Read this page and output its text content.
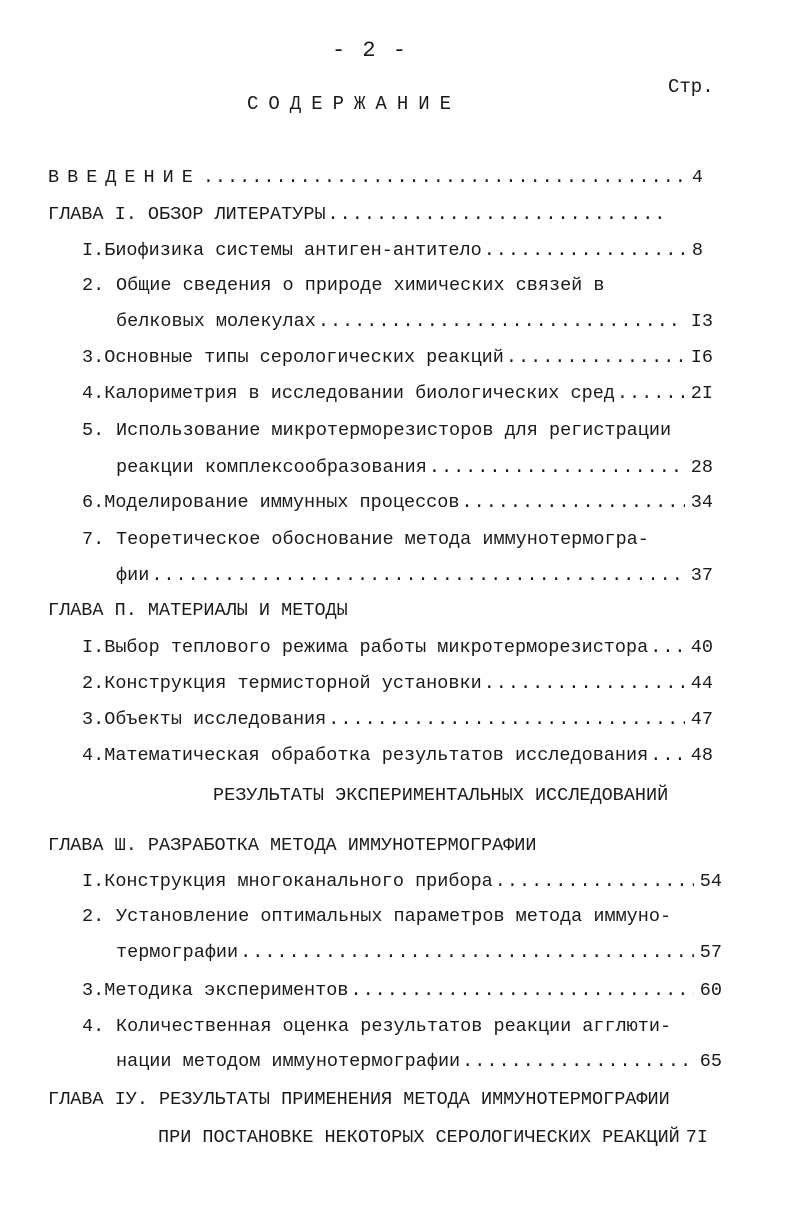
- 2 -
Стр.
СОДЕРЖАНИЕ
ВВЕДЕНИЕ .....	4
ГЛАВА I. ОБЗОР ЛИТЕРАТУРЫ
.....
I. Биофизика системы антиген-антитело .....	8
2. Общие сведения о природе химических связей в
белковых молекулах .....	I3
3. Основные типы серологических реакций .....	I6
4. Калориметрия в исследовании биологических сред .....	2I
5. Использование микротерморезисторов для регистрации
реакции комплексообразования .....	28
6. Моделирование иммунных процессов .....	34
7. Теоретическое обоснование метода иммунотермогра-
фии .....	37
ГЛАВА П. МАТЕРИАЛЫ И МЕТОДЫ
I. Выбор теплового режима работы микротерморезистора ..... 40
2. Конструкция термисторной установки .....	44
3. Объекты исследования .....	47
4. Математическая обработка результатов исследования ..... 48
РЕЗУЛЬТАТЫ ЭКСПЕРИМЕНТАЛЬНЫХ ИССЛЕДОВАНИЙ
ГЛАВА Ш. РАЗРАБОТКА МЕТОДА ИММУНОТЕРМОГРАФИИ
I. Конструкция многоканального прибора .....	54
2. Установление оптимальных параметров метода иммуно-
термографии .....	57
3. Методика экспериментов .....	60
4. Количественная оценка результатов реакции агглюти-
нации методом иммунотермографии .....	65
ГЛАВА IУ. РЕЗУЛЬТАТЫ ПРИМЕНЕНИЯ МЕТОДА ИММУНОТЕРМОГРАФИИ
ПРИ ПОСТАНОВКЕ НЕКОТОРЫХ СЕРОЛОГИЧЕСКИХ РЕАКЦИЙ 7I
